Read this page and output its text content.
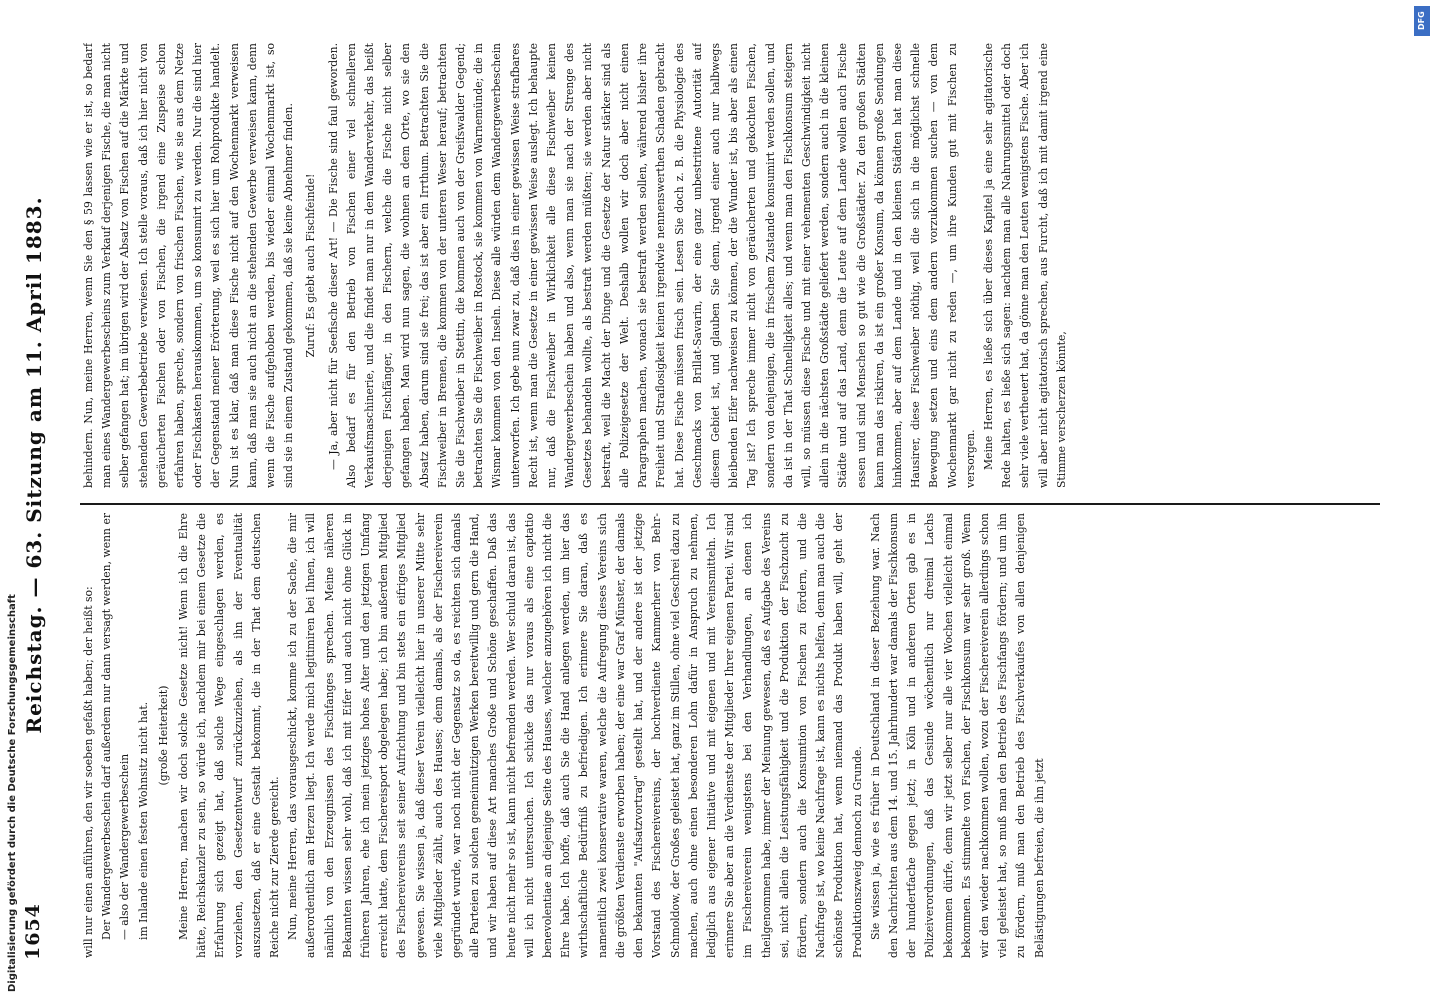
1654
Reichstag. — 63. Sitzung am 11. April 1883.

will nur einen anführen, den wir soeben gefaßt haben; der heißt so: Der Wandergewerbeschein darf außerdem nur dann versagt werden, wenn er — also der Wandergewerbeschein im Inlande einen festen Wohnsitz nicht hat. (große Heiterkeit) Meine Herren, machen wir doch solche Gesetze nicht! Wenn ich die Ehre hätte, Reichskanzler zu sein, so würde ich, nachdem mir bei einem Gesetze die Erfahrung sich gezeigt hat, daß solche Wege eingeschlagen werden, es vorziehen, den Gesetzentwurf zurückzuziehen, als ihn der Eventualität auszusetzen, daß er eine Gestalt bekommt, die in der That dem deutschen Reiche nicht zur Zierde gereicht. Nun, meine Herren, das vorausgeschickt, komme ich zu der Sache, die mir außerordentlich am Herzen liegt. Ich werde mich legitimiren bei Ihnen, ich will nämlich von den Erzeugnissen des Fischfanges sprechen. Meine näheren Bekannten wissen sehr wohl, daß ich mit Eifer und auch nicht ohne Glück in früheren Jahren, ehe ich mein jetziges hohes Alter und den jetzigen Umfang erreicht hatte, dem Fischereisport obgelegen habe; ich bin außerdem Mitglied des Fischereivereins seit seiner Aufrichtung und bin stets ein eifriges Mitglied gewesen. Sie wissen ja, daß dieser Verein vielleicht hier in unserer Mitte sehr viele Mitglieder zählt, auch des Hauses; denn damals, als der Fischereiverein gegründet wurde, war noch nicht der Gegensatz so da, es reichten sich damals alle Parteien zu solchen gemeinnützigen Werken bereitwillig und gern die Hand, und wir haben auf diese Art manches Große und Schöne geschaffen. Daß das heute nicht mehr so ist, kann nicht befremden werden. Wer schuld daran ist, das will ich nicht untersuchen. Ich schicke das nur voraus als eine captatio benevolentiae an diejenige Seite des Hauses, welcher anzugehören ich nicht die Ehre habe. Ich hoffe, daß auch Sie die Hand anlegen werden, um hier das wirthschaftliche Bedürfniß zu befriedigen. Ich erinnere Sie daran, daß es namentlich zwei konservative waren, welche die Aufregung dieses Vereins sich die größten Verdienste erworben haben; der eine war Graf Münster, der damals den bekannten "Aufsatzvortrag" gestellt hat, und der andere ist der jetzige Vorstand des Fischereivereins, der hochverdiente Kammerherr von Behr-Schmoldow, der Großes geleistet hat, ganz im Stillen, ohne viel Geschrei dazu zu machen, auch ohne einen besonderen Lohn dafür in Anspruch zu nehmen, lediglich aus eigener Initiative und mit eigenen und mit Vereinsmitteln. Ich erinnere Sie aber an die Verdienste der Mitglieder Ihrer eigenen Partei. Wir sind im Fischereiverein wenigstens bei den Verhandlungen, an denen ich theilgenommen habe, immer der Meinung gewesen, daß es Aufgabe des Vereins sei, nicht allein die Leistungsfähigkeit und die Produktion der Fischzucht zu fördern, sondern auch die Konsumtion von Fischen zu fördern, und die Nachfrage ist, wo keine Nachfrage ist, kann es nichts helfen, denn man auch die schönste Produktion hat, wenn niemand das Produkt haben will, geht der Produktionszweig dennoch zu Grunde. Sie wissen ja, wie es früher in Deutschland in dieser Beziehung war. Nach den Nachrichten aus dem 14. und 15. Jahrhundert war damals der Fischkonsum der hundertfache gegen jetzt; in Köln und in anderen Orten gab es in Polizeiverordnungen, daß das Gesinde wöchentlich nur dreimal Lachs bekommen dürfe, denn wir jetzt selber nur alle vier Wochen vielleicht einmal bekommen. Es stimmelte von Fischen, der Fischkonsum war sehr groß. Wenn wir den wieder nachkommen wollen, wozu der Fischereiverein allerdings schon viel geleistet hat, so muß man den Betrieb des Fischfangs fördern; und um ihn zu fördern, muß man den Betrieb des Fischverkaufes von allen denjenigen Belästigungen befreien, die ihn jetzt

behindern. Nun, meine Herren, wenn Sie den § 59 lassen wie er ist, so bedarf man eines Wandergewerbescheins zum Verkauf derjenigen Fische, die man nicht selber gefangen hat; im übrigen wird der Absatz von Fischen auf die Märkte und stehenden Gewerbebetriebe verwiesen. Ich stelle voraus, daß ich hier nicht von geräucherten Fischen oder von Fischen, die irgend eine Zuspeise schon erfahren haben, spreche, sondern von frischen Fischen, wie sie aus dem Netze oder Fischkasten herauskommen, um so konsumirt zu werden. Nur die sind hier der Gegenstand meiner Erörterung, weil es sich hier um Rohprodukte handelt. Nun ist es klar, daß man diese Fische nicht auf den Wochenmarkt verweisen kann, daß man sie auch nicht an die stehenden Gewerbe verweisen kann, denn wenn die Fische aufgehoben werden, bis wieder einmal Wochenmarkt ist, so sind sie in einem Zustand gekommen, daß sie keine Abnehmer finden. Zuruf: Es giebt auch Fischfeinde! — Ja, aber nicht für Seefische dieser Art! — Die Fische sind faul geworden. Also bedarf es für den Betrieb von Fischen einer viel schnelleren Verkaufsmaschinerie, und die findet man nur in dem Wanderverkehr, das heißt derjenigen Fischfänger, in den Fischern, welche die Fische nicht selber gefangen haben. Man wird nun sagen, die wohnen an dem Orte, wo sie den Absatz haben, darum sind sie frei; das ist aber ein Irrthum. Betrachten Sie die Fischweiber in Bremen, die kommen von der unteren Weser herauf; betrachten Sie die Fischweiber in Stettin, die kommen auch von der Greifswalder Gegend; betrachten Sie die Fischweiber in Rostock, sie kommen von Warnemünde; die in Wismar kommen von den Inseln. Diese alle würden dem Wandergewerbeschein unterworfen. Ich gebe nun zwar zu, daß dies in einer gewissen Weise strafbares Recht ist, wenn man die Gesetze in einer gewissen Weise auslegt. Ich behaupte nur, daß die Fischweiber in Wirklichkeit alle diese Fischweiber keinen Wandergewerbeschein haben und also, wenn man sie nach der Strenge des Gesetzes behandeln wollte, als bestraft werden müßten; sie werden aber nicht bestraft, weil die Macht der Dinge und die Gesetze der Natur stärker sind als alle Polizeigesetze der Welt. Deshalb wollen wir doch aber nicht einen Paragraphen machen, wonach sie bestraft werden sollen, während bisher ihre Freiheit und Straflosigkeit keinen irgendwie nennenswerthen Schaden gebracht hat. Diese Fische müssen frisch sein. Lesen Sie doch z. B. die Physiologie des Geschmacks von Brillat-Savarin, der eine ganz unbestrittene Autorität auf diesem Gebiet ist, und glauben Sie denn, irgend einer auch nur halbwegs bleibenden Eifer nachweisen zu können, der die Wunder ist, bis aber als einen Tag ist? Ich spreche immer nicht von geräucherten und gekochten Fischen, sondern von denjenigen, die in frischem Zustande konsumirt werden sollen, und da ist in der That Schnelligkeit alles; und wenn man den Fischkonsum steigern will, so müssen diese Fische und mit einer vehementen Geschwindigkeit nicht allein in die nächsten Großstädte geliefert werden, sondern auch in die kleinen Städte und auf das Land, denn die Leute auf dem Lande wollen auch Fische essen und sind Menschen so gut wie die Großstädter. Zu den großen Städten kann man das riskiren, da ist ein großer Konsum, da können große Sendungen hinkommen, aber auf dem Lande und in den kleinen Städten hat man diese Hausirer, diese Fischweiber nöthig, weil die sich in die möglichst schnelle Bewegung setzen und eins dem andern vorzukommen suchen — von dem Wochenmarkt gar nicht zu reden —, um ihre Kunden gut mit Fischen zu versorgen. Meine Herren, es ließe sich über dieses Kapitel ja eine sehr agitatorische Rede halten, es ließe sich sagen: nachdem man alle Nahrungsmittel oder doch sehr viele vertheuert hat, da gönne man den Leuten wenigstens Fische. Aber ich will aber nicht agitatorisch sprechen, aus Furcht, daß ich mit damit irgend eine Stimme verscherzen könnte,

DFG
Digitalisierung gefördert durch die Deutsche Forschungsgemeinschaft
